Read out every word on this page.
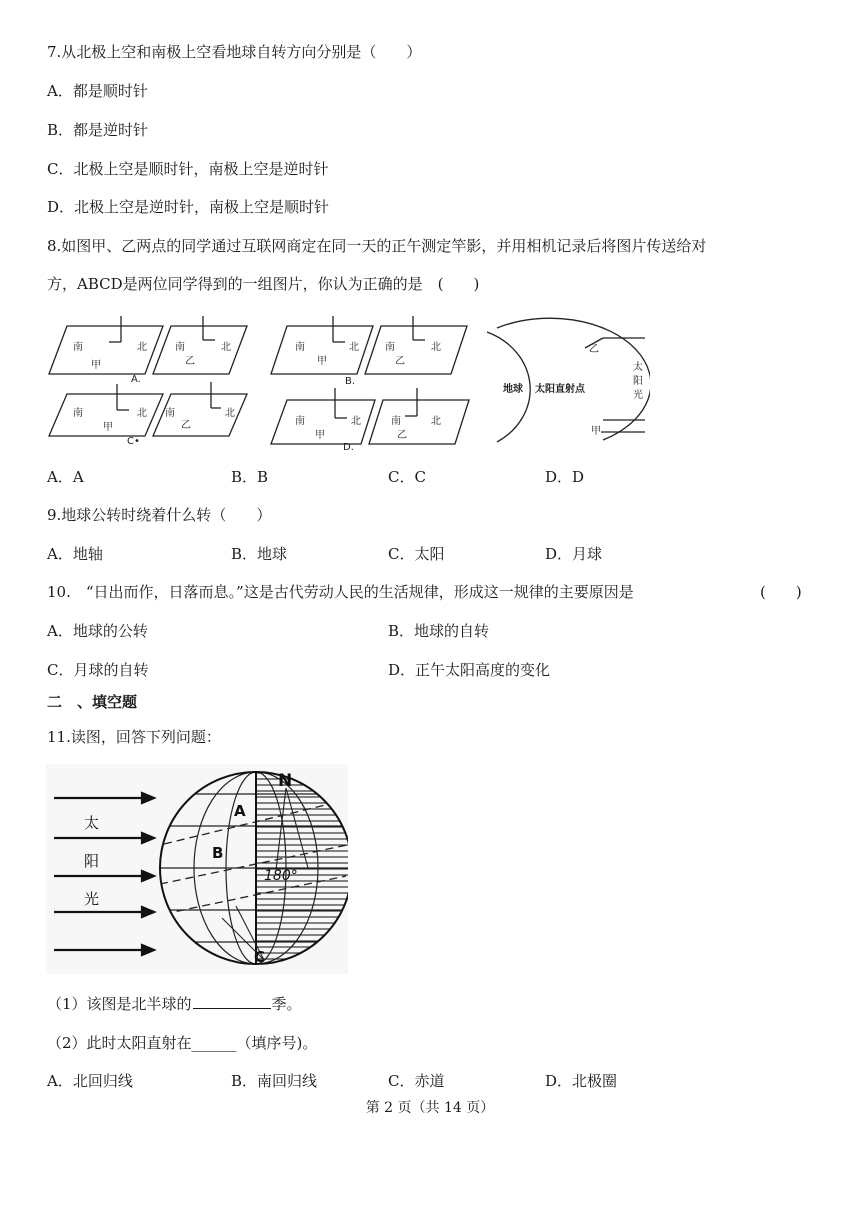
7.从北极上空和南极上空看地球自转方向分别是（　　）
A．都是顺时针
B．都是逆时针
C．北极上空是顺时针，南极上空是逆时针
D．北极上空是逆时针，南极上空是顺时针
8.如图甲、乙两点的同学通过互联网商定在同一天的正午测定竿影，并用相机记录后将图片传送给对
方，ABCD是两位同学得到的一组图片，你认为正确的是　(　　)
南
甲
北	南
乙
北
A.
南
甲
北 南
乙
北
C•
南
甲
北	南
乙
北
B.
南
甲
北	南
乙
北
D.
地球 太阳直射点
乙
甲
太
阳
光
A．A	B．B	C．C	D．D
9.地球公转时绕着什么转（　　）
A．地轴	B．地球	C．太阳	D．月球
10.　“日出而作，日落而息。”这是古代劳动人民的生活规律，形成这一规律的主要原因是	(　　)
A．地球的公转	B．地球的自转
C．月球的自转	D．正午太阳高度的变化
二　、填空题
11.读图，回答下列问题：
N
A
B
C
180°
太
阳
光
（1）该图是北半球的	季。
（2）此时太阳直射在______（填序号)。
A．北回归线	B．南回归线	C．赤道	D．北极圈
第 2 页（共 14 页）
